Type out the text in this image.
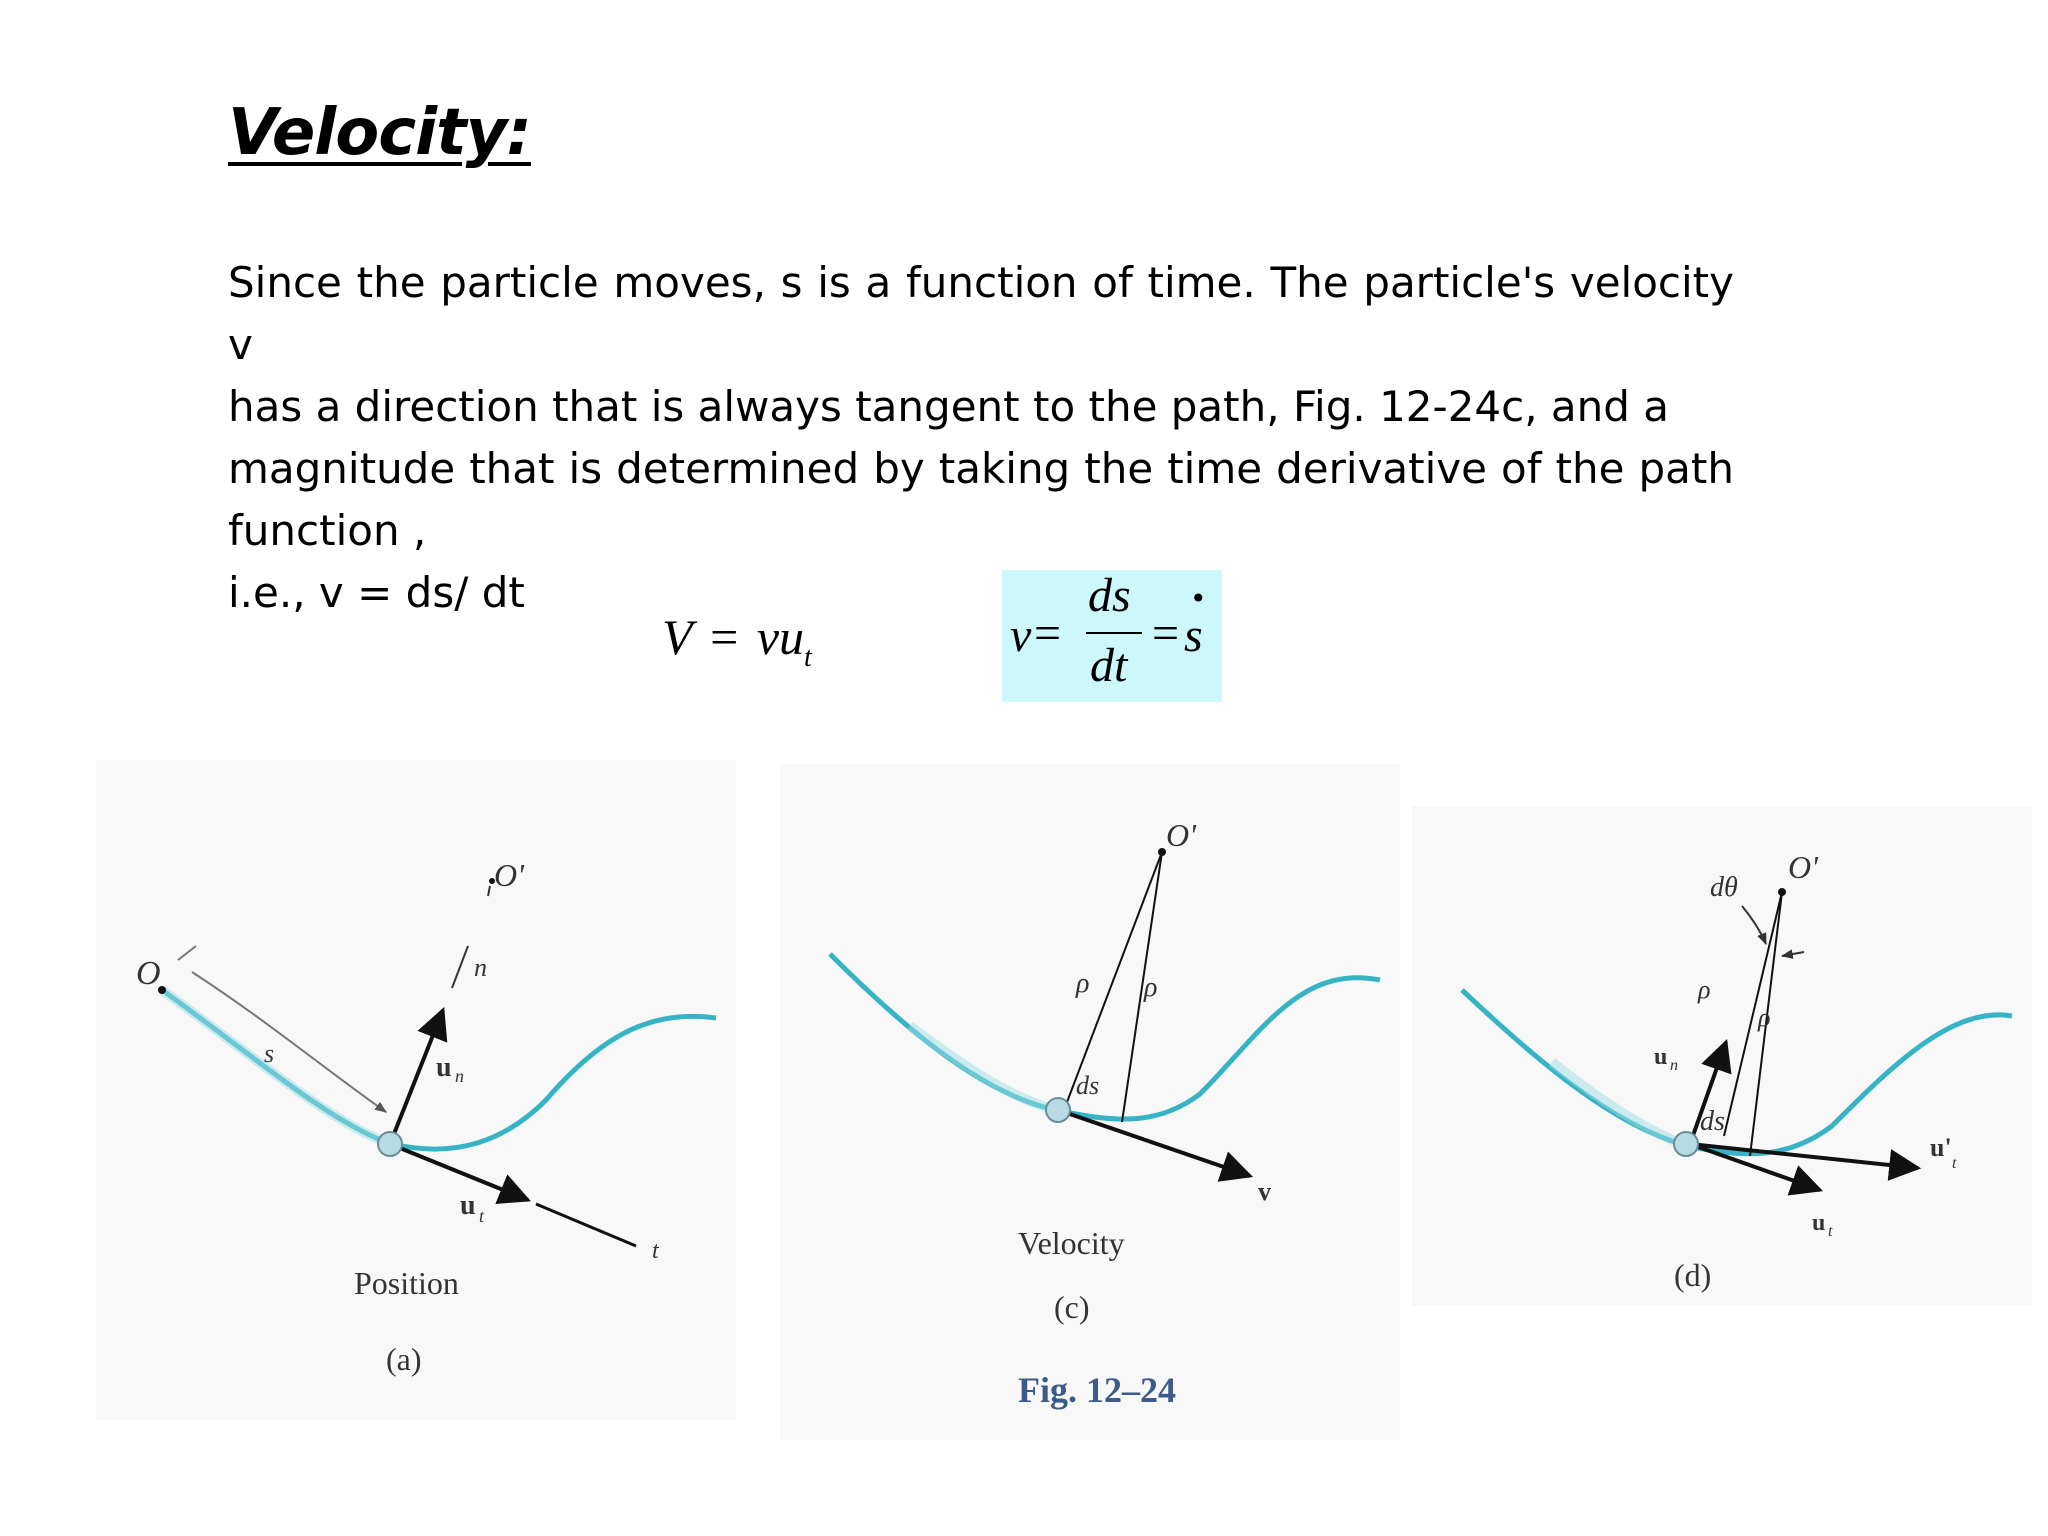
Velocity:
Since the particle moves, s is a function of time. The particle's velocity v
has a direction that is always tangent to the path, Fig. 12-24c, and a
magnitude that is determined by taking the time derivative of the path
function ,
i.e., v = ds/ dt
$V = vu_t$	v =
ds
dt
= s
•
O
O'
s
n
u n
u t
t
Position
(a)
O'
ρ ρ
ds
v
Velocity
(c)
Fig. 12–24
dθ
O'
ρ
ρ
u n
ds
u'
t
u t
(d)
